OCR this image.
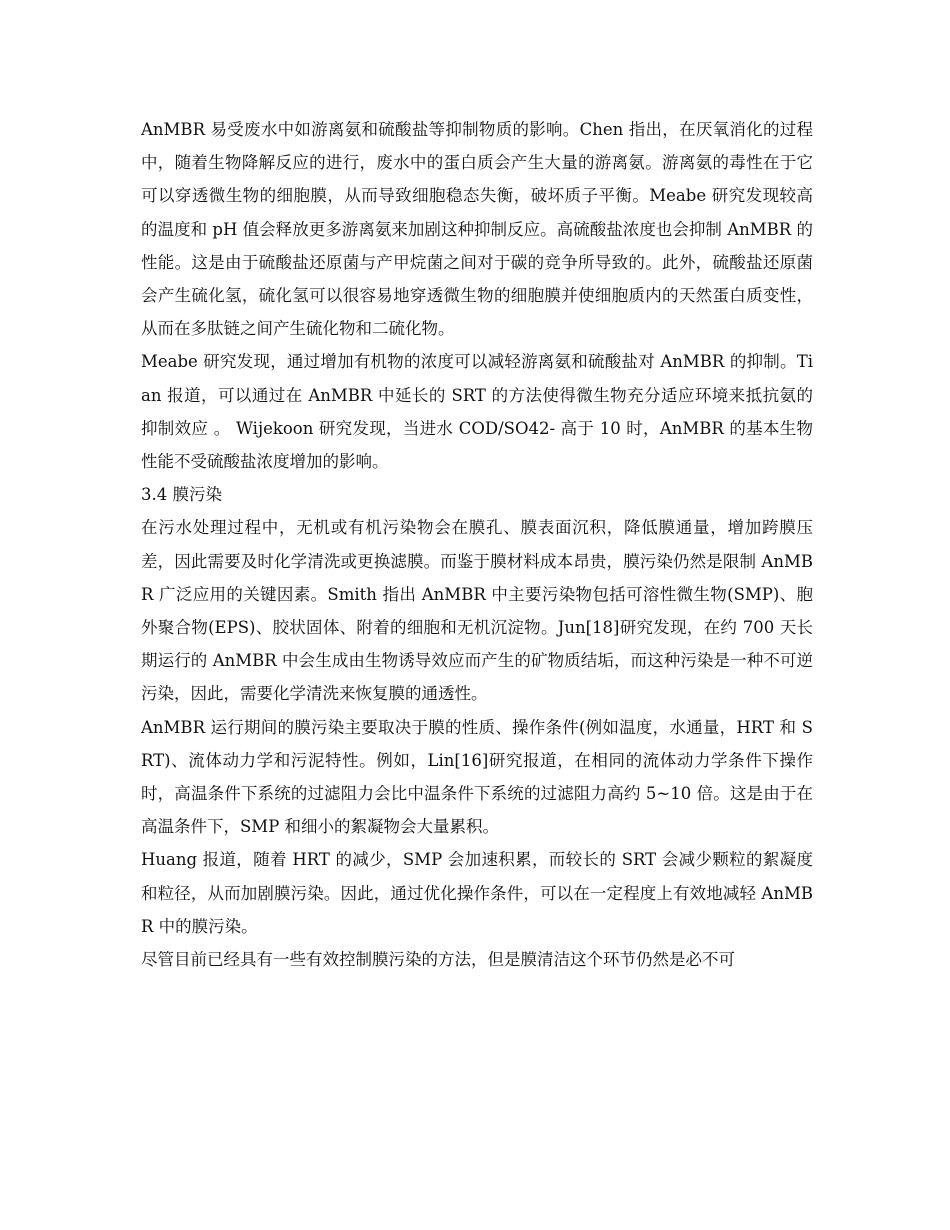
AnMBR 易受废水中如游离氨和硫酸盐等抑制物质的影响。Chen 指出，在厌氧消化的过程中，随着生物降解反应的进行，废水中的蛋白质会产生大量的游离氨。游离氨的毒性在于它可以穿透微生物的细胞膜，从而导致细胞稳态失衡，破坏质子平衡。Meabe 研究发现较高的温度和 pH 值会释放更多游离氨来加剧这种抑制反应。高硫酸盐浓度也会抑制 AnMBR 的性能。这是由于硫酸盐还原菌与产甲烷菌之间对于碳的竞争所导致的。此外，硫酸盐还原菌会产生硫化氢，硫化氢可以很容易地穿透微生物的细胞膜并使细胞质内的天然蛋白质变性，从而在多肽链之间产生硫化物和二硫化物。

Meabe 研究发现，通过增加有机物的浓度可以减轻游离氨和硫酸盐对 AnMBR 的抑制。Tian 报道，可以通过在 AnMBR 中延长的 SRT 的方法使得微生物充分适应环境来抵抗氨的抑制效应 。 Wijekoon 研究发现，当进水 COD/SO42- 高于 10 时，AnMBR 的基本生物性能不受硫酸盐浓度增加的影响。

3.4 膜污染

在污水处理过程中，无机或有机污染物会在膜孔、膜表面沉积，降低膜通量，增加跨膜压差，因此需要及时化学清洗或更换滤膜。而鉴于膜材料成本昂贵，膜污染仍然是限制 AnMBR 广泛应用的关键因素。Smith 指出 AnMBR 中主要污染物包括可溶性微生物(SMP)、胞外聚合物(EPS)、胶状固体、附着的细胞和无机沉淀物。Jun[18]研究发现，在约 700 天长期运行的 AnMBR 中会生成由生物诱导效应而产生的矿物质结垢，而这种污染是一种不可逆污染，因此，需要化学清洗来恢复膜的通透性。

AnMBR 运行期间的膜污染主要取决于膜的性质、操作条件(例如温度，水通量，HRT 和 SRT)、流体动力学和污泥特性。例如，Lin[16]研究报道，在相同的流体动力学条件下操作时，高温条件下系统的过滤阻力会比中温条件下系统的过滤阻力高约 5~10 倍。这是由于在高温条件下，SMP 和细小的絮凝物会大量累积。

Huang 报道，随着 HRT 的减少，SMP 会加速积累，而较长的 SRT 会减少颗粒的絮凝度和粒径，从而加剧膜污染。因此，通过优化操作条件，可以在一定程度上有效地减轻 AnMBR 中的膜污染。

尽管目前已经具有一些有效控制膜污染的方法，但是膜清洁这个环节仍然是必不可
